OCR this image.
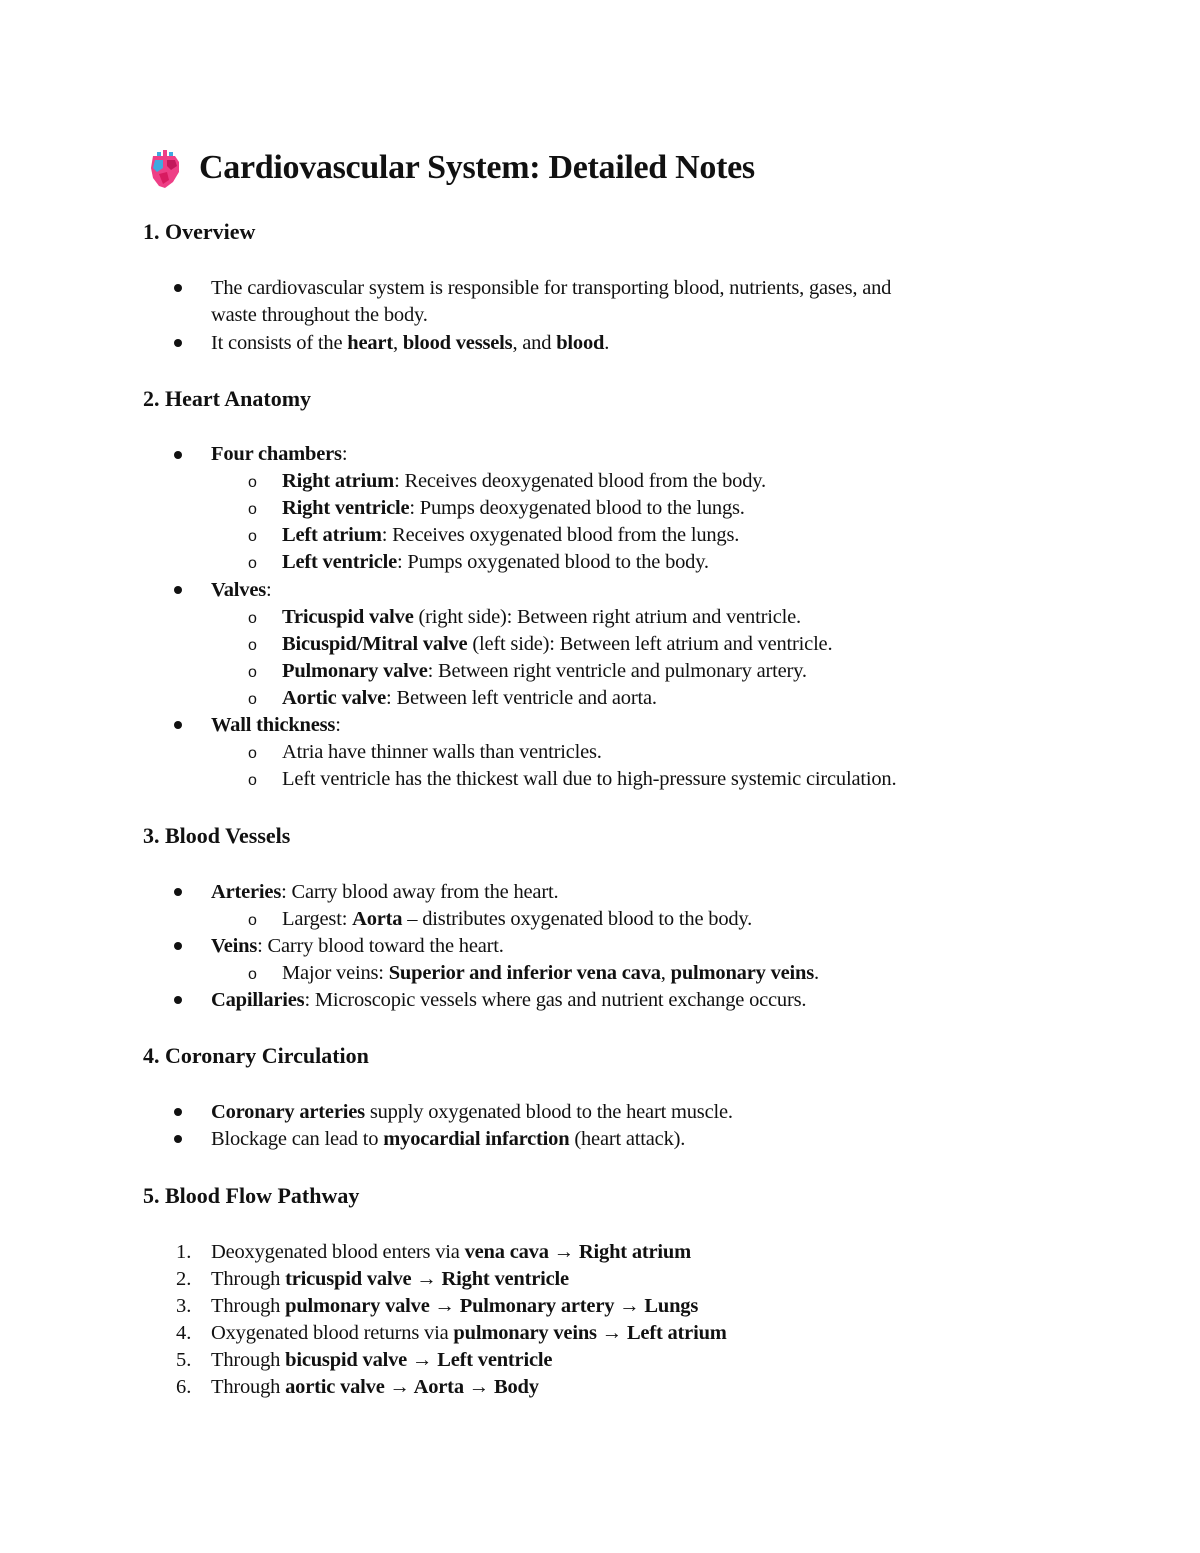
Cardiovascular System: Detailed Notes
1. Overview
The cardiovascular system is responsible for transporting blood, nutrients, gases, and
waste throughout the body.
It consists of the heart, blood vessels, and blood.
2. Heart Anatomy
Four chambers:
o Right atrium: Receives deoxygenated blood from the body.
o Right ventricle: Pumps deoxygenated blood to the lungs.
o Left atrium: Receives oxygenated blood from the lungs.
o Left ventricle: Pumps oxygenated blood to the body.
Valves:
o Tricuspid valve (right side): Between right atrium and ventricle.
o Bicuspid/Mitral valve (left side): Between left atrium and ventricle.
o Pulmonary valve: Between right ventricle and pulmonary artery.
o Aortic valve: Between left ventricle and aorta.
Wall thickness:
o Atria have thinner walls than ventricles.
o Left ventricle has the thickest wall due to high-pressure systemic circulation.
3. Blood Vessels
Arteries: Carry blood away from the heart.
o Largest: Aorta – distributes oxygenated blood to the body.
Veins: Carry blood toward the heart.
o Major veins: Superior and inferior vena cava, pulmonary veins.
Capillaries: Microscopic vessels where gas and nutrient exchange occurs.
4. Coronary Circulation
Coronary arteries supply oxygenated blood to the heart muscle.
Blockage can lead to myocardial infarction (heart attack).
5. Blood Flow Pathway
1. Deoxygenated blood enters via vena cava → Right atrium
2. Through tricuspid valve → Right ventricle
3. Through pulmonary valve → Pulmonary artery → Lungs
4. Oxygenated blood returns via pulmonary veins → Left atrium
5. Through bicuspid valve → Left ventricle
6. Through aortic valve → Aorta → Body
